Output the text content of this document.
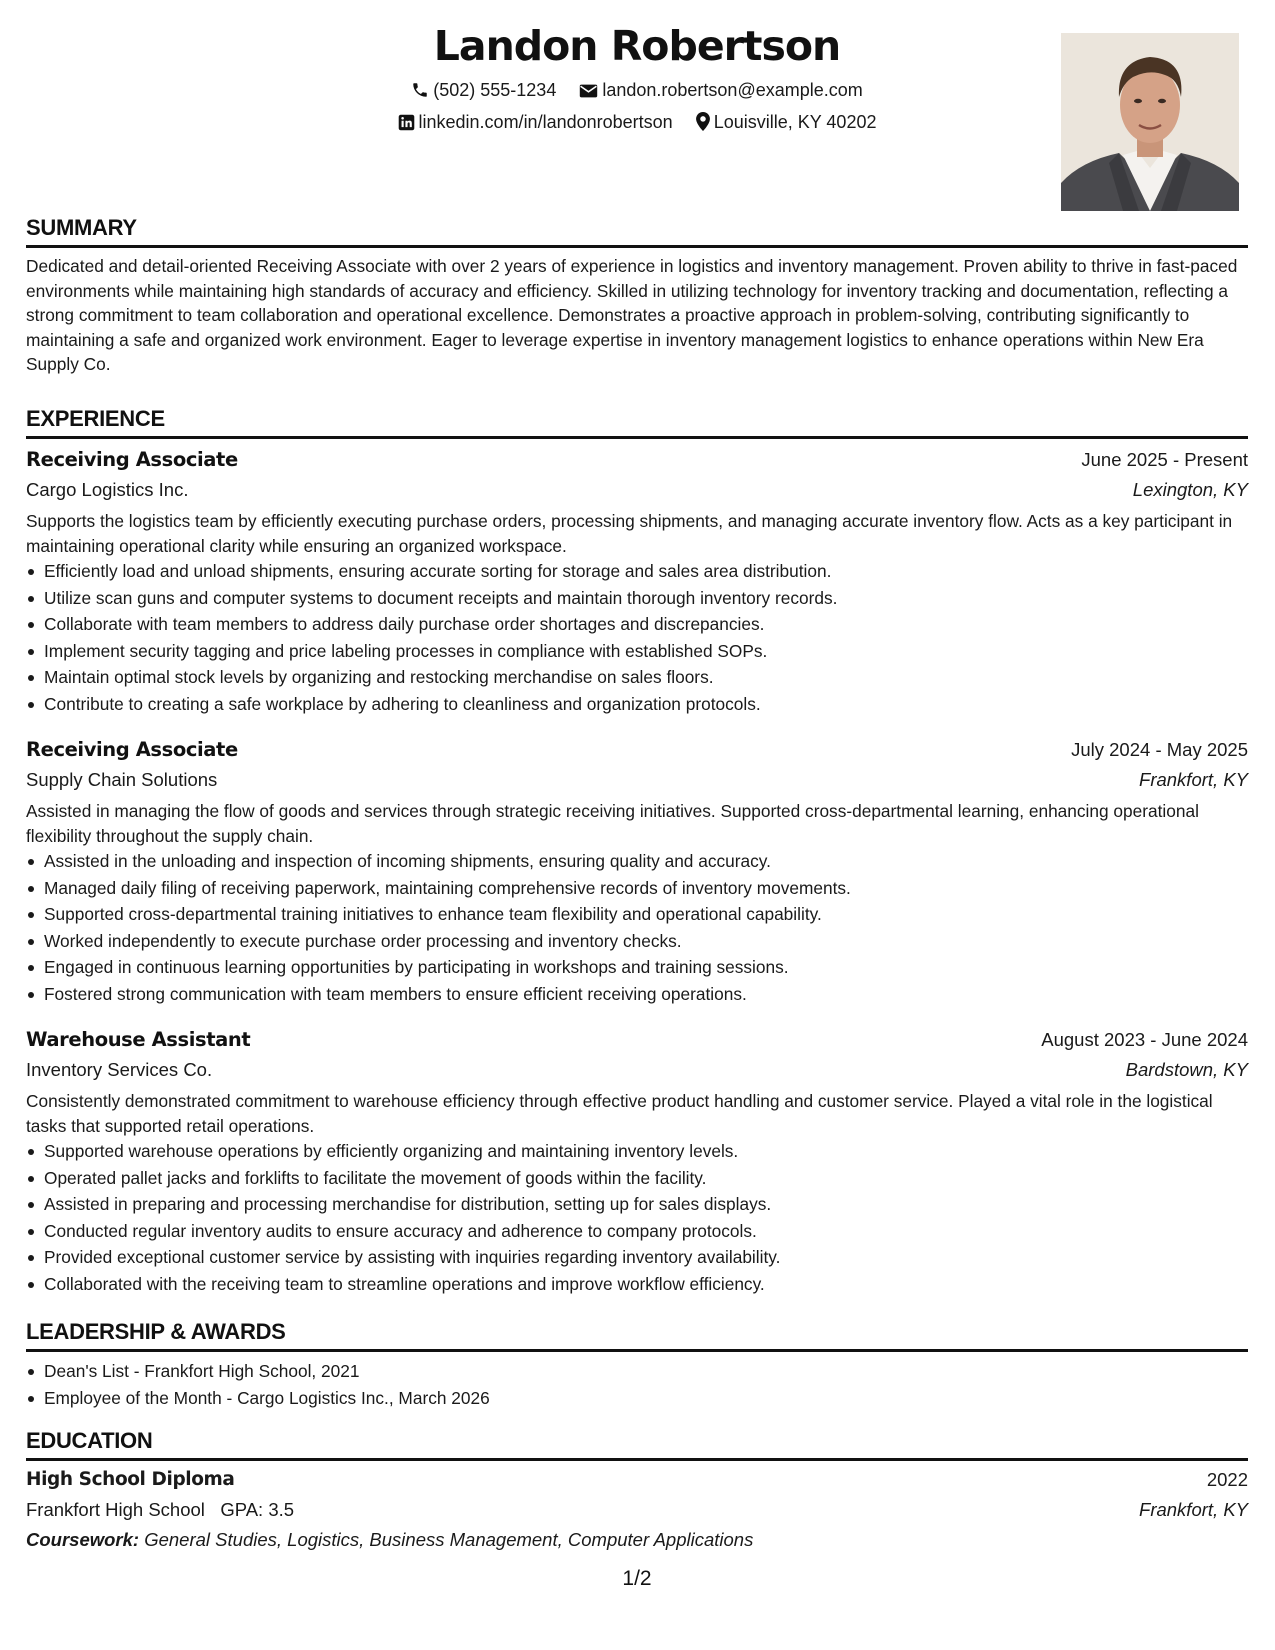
Landon Robertson
(502) 555-1234	landon.robertson@example.com
linkedin.com/in/landonrobertson Louisville, KY 40202
SUMMARY
Dedicated and detail-oriented Receiving Associate with over 2 years of experience in logistics and inventory management. Proven ability to thrive in fast-paced environments while maintaining high standards of accuracy and efficiency. Skilled in utilizing technology for inventory tracking and documentation, reflecting a strong commitment to team collaboration and operational excellence. Demonstrates a proactive approach in problem-solving, contributing significantly to maintaining a safe and organized work environment. Eager to leverage expertise in inventory management logistics to enhance operations within New Era Supply Co.
EXPERIENCE
Receiving Associate	June 2025 - Present
Cargo Logistics Inc.	Lexington, KY
Supports the logistics team by efficiently executing purchase orders, processing shipments, and managing accurate inventory flow. Acts as a key participant in maintaining operational clarity while ensuring an organized workspace.
Efficiently load and unload shipments, ensuring accurate sorting for storage and sales area distribution.
Utilize scan guns and computer systems to document receipts and maintain thorough inventory records.
Collaborate with team members to address daily purchase order shortages and discrepancies.
Implement security tagging and price labeling processes in compliance with established SOPs.
Maintain optimal stock levels by organizing and restocking merchandise on sales floors.
Contribute to creating a safe workplace by adhering to cleanliness and organization protocols.
Receiving Associate	July 2024 - May 2025
Supply Chain Solutions	Frankfort, KY
Assisted in managing the flow of goods and services through strategic receiving initiatives. Supported cross-departmental learning, enhancing operational flexibility throughout the supply chain.
Assisted in the unloading and inspection of incoming shipments, ensuring quality and accuracy.
Managed daily filing of receiving paperwork, maintaining comprehensive records of inventory movements.
Supported cross-departmental training initiatives to enhance team flexibility and operational capability.
Worked independently to execute purchase order processing and inventory checks.
Engaged in continuous learning opportunities by participating in workshops and training sessions.
Fostered strong communication with team members to ensure efficient receiving operations.
Warehouse Assistant	August 2023 - June 2024
Inventory Services Co.	Bardstown, KY
Consistently demonstrated commitment to warehouse efficiency through effective product handling and customer service. Played a vital role in the logistical tasks that supported retail operations.
Supported warehouse operations by efficiently organizing and maintaining inventory levels.
Operated pallet jacks and forklifts to facilitate the movement of goods within the facility.
Assisted in preparing and processing merchandise for distribution, setting up for sales displays.
Conducted regular inventory audits to ensure accuracy and adherence to company protocols.
Provided exceptional customer service by assisting with inquiries regarding inventory availability.
Collaborated with the receiving team to streamline operations and improve workflow efficiency.
LEADERSHIP & AWARDS
Dean's List - Frankfort High School, 2021
Employee of the Month - Cargo Logistics Inc., March 2026
EDUCATION
High School Diploma	2022
Frankfort High School GPA: 3.5	Frankfort, KY
Coursework: General Studies, Logistics, Business Management, Computer Applications
1/2
